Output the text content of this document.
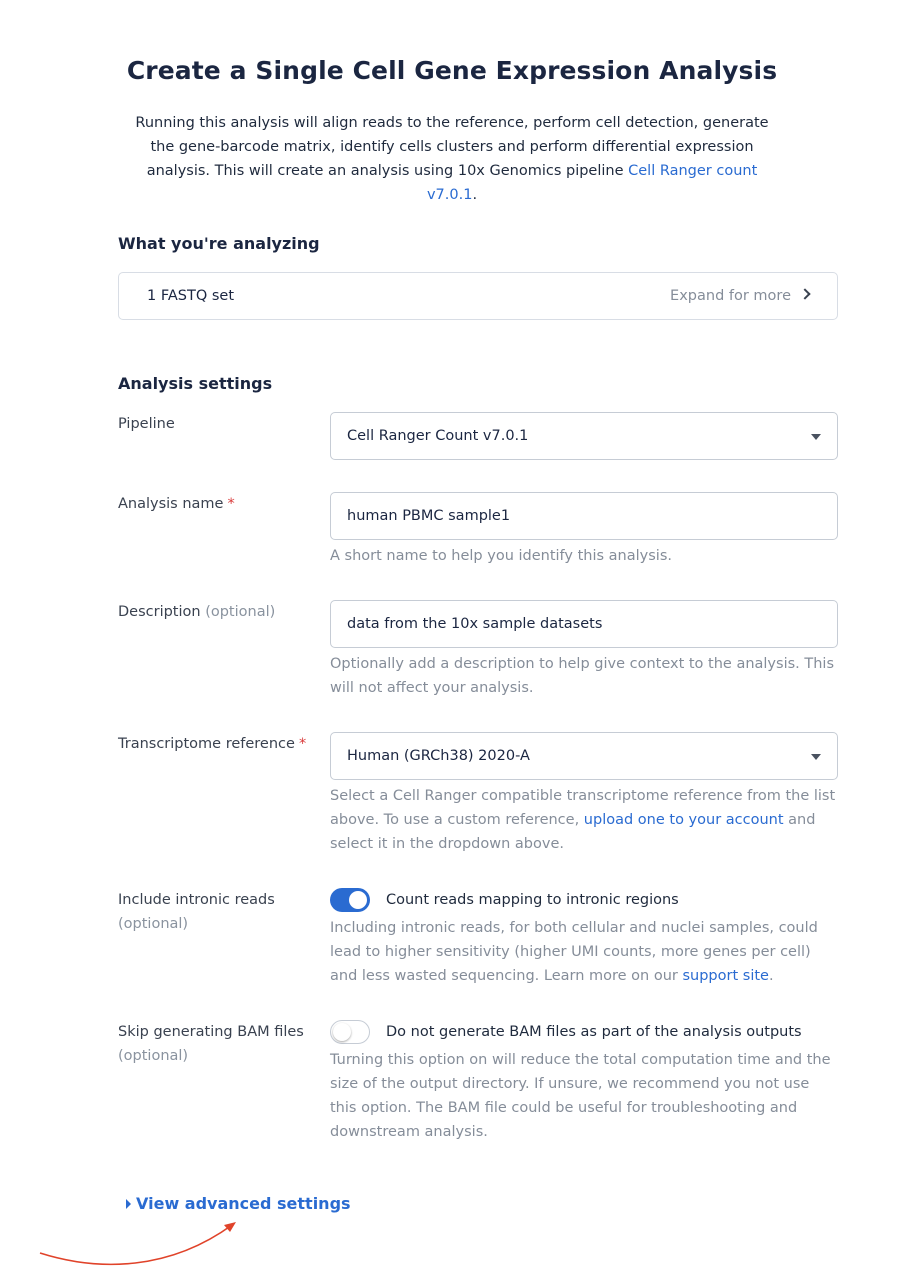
Create a Single Cell Gene Expression Analysis

Running this analysis will align reads to the reference, perform cell detection, generate the gene-barcode matrix, identify cells clusters and perform differential expression analysis. This will create an analysis using 10x Genomics pipeline Cell Ranger count v7.0.1.

What you're analyzing
1 FASTQ set	Expand for more
Analysis settings
Pipeline
Cell Ranger Count v7.0.1
Analysis name *
human PBMC sample1

A short name to help you identify this analysis.

Description (optional)
data from the 10x sample datasets

Optionally add a description to help give context to the analysis. This will not affect your analysis.

Transcriptome reference *
Human (GRCh38) 2020-A

Select a Cell Ranger compatible transcriptome reference from the list above. To use a custom reference, upload one to your account and select it in the dropdown above.

Include intronic reads
(optional)
Count reads mapping to intronic regions

Including intronic reads, for both cellular and nuclei samples, could lead to higher sensitivity (higher UMI counts, more genes per cell) and less wasted sequencing. Learn more on our support site.

Skip generating BAM files
(optional)
Do not generate BAM files as part of the analysis outputs

Turning this option on will reduce the total computation time and the size of the output directory. If unsure, we recommend you not use this option. The BAM file could be useful for troubleshooting and downstream analysis.

View advanced settings
